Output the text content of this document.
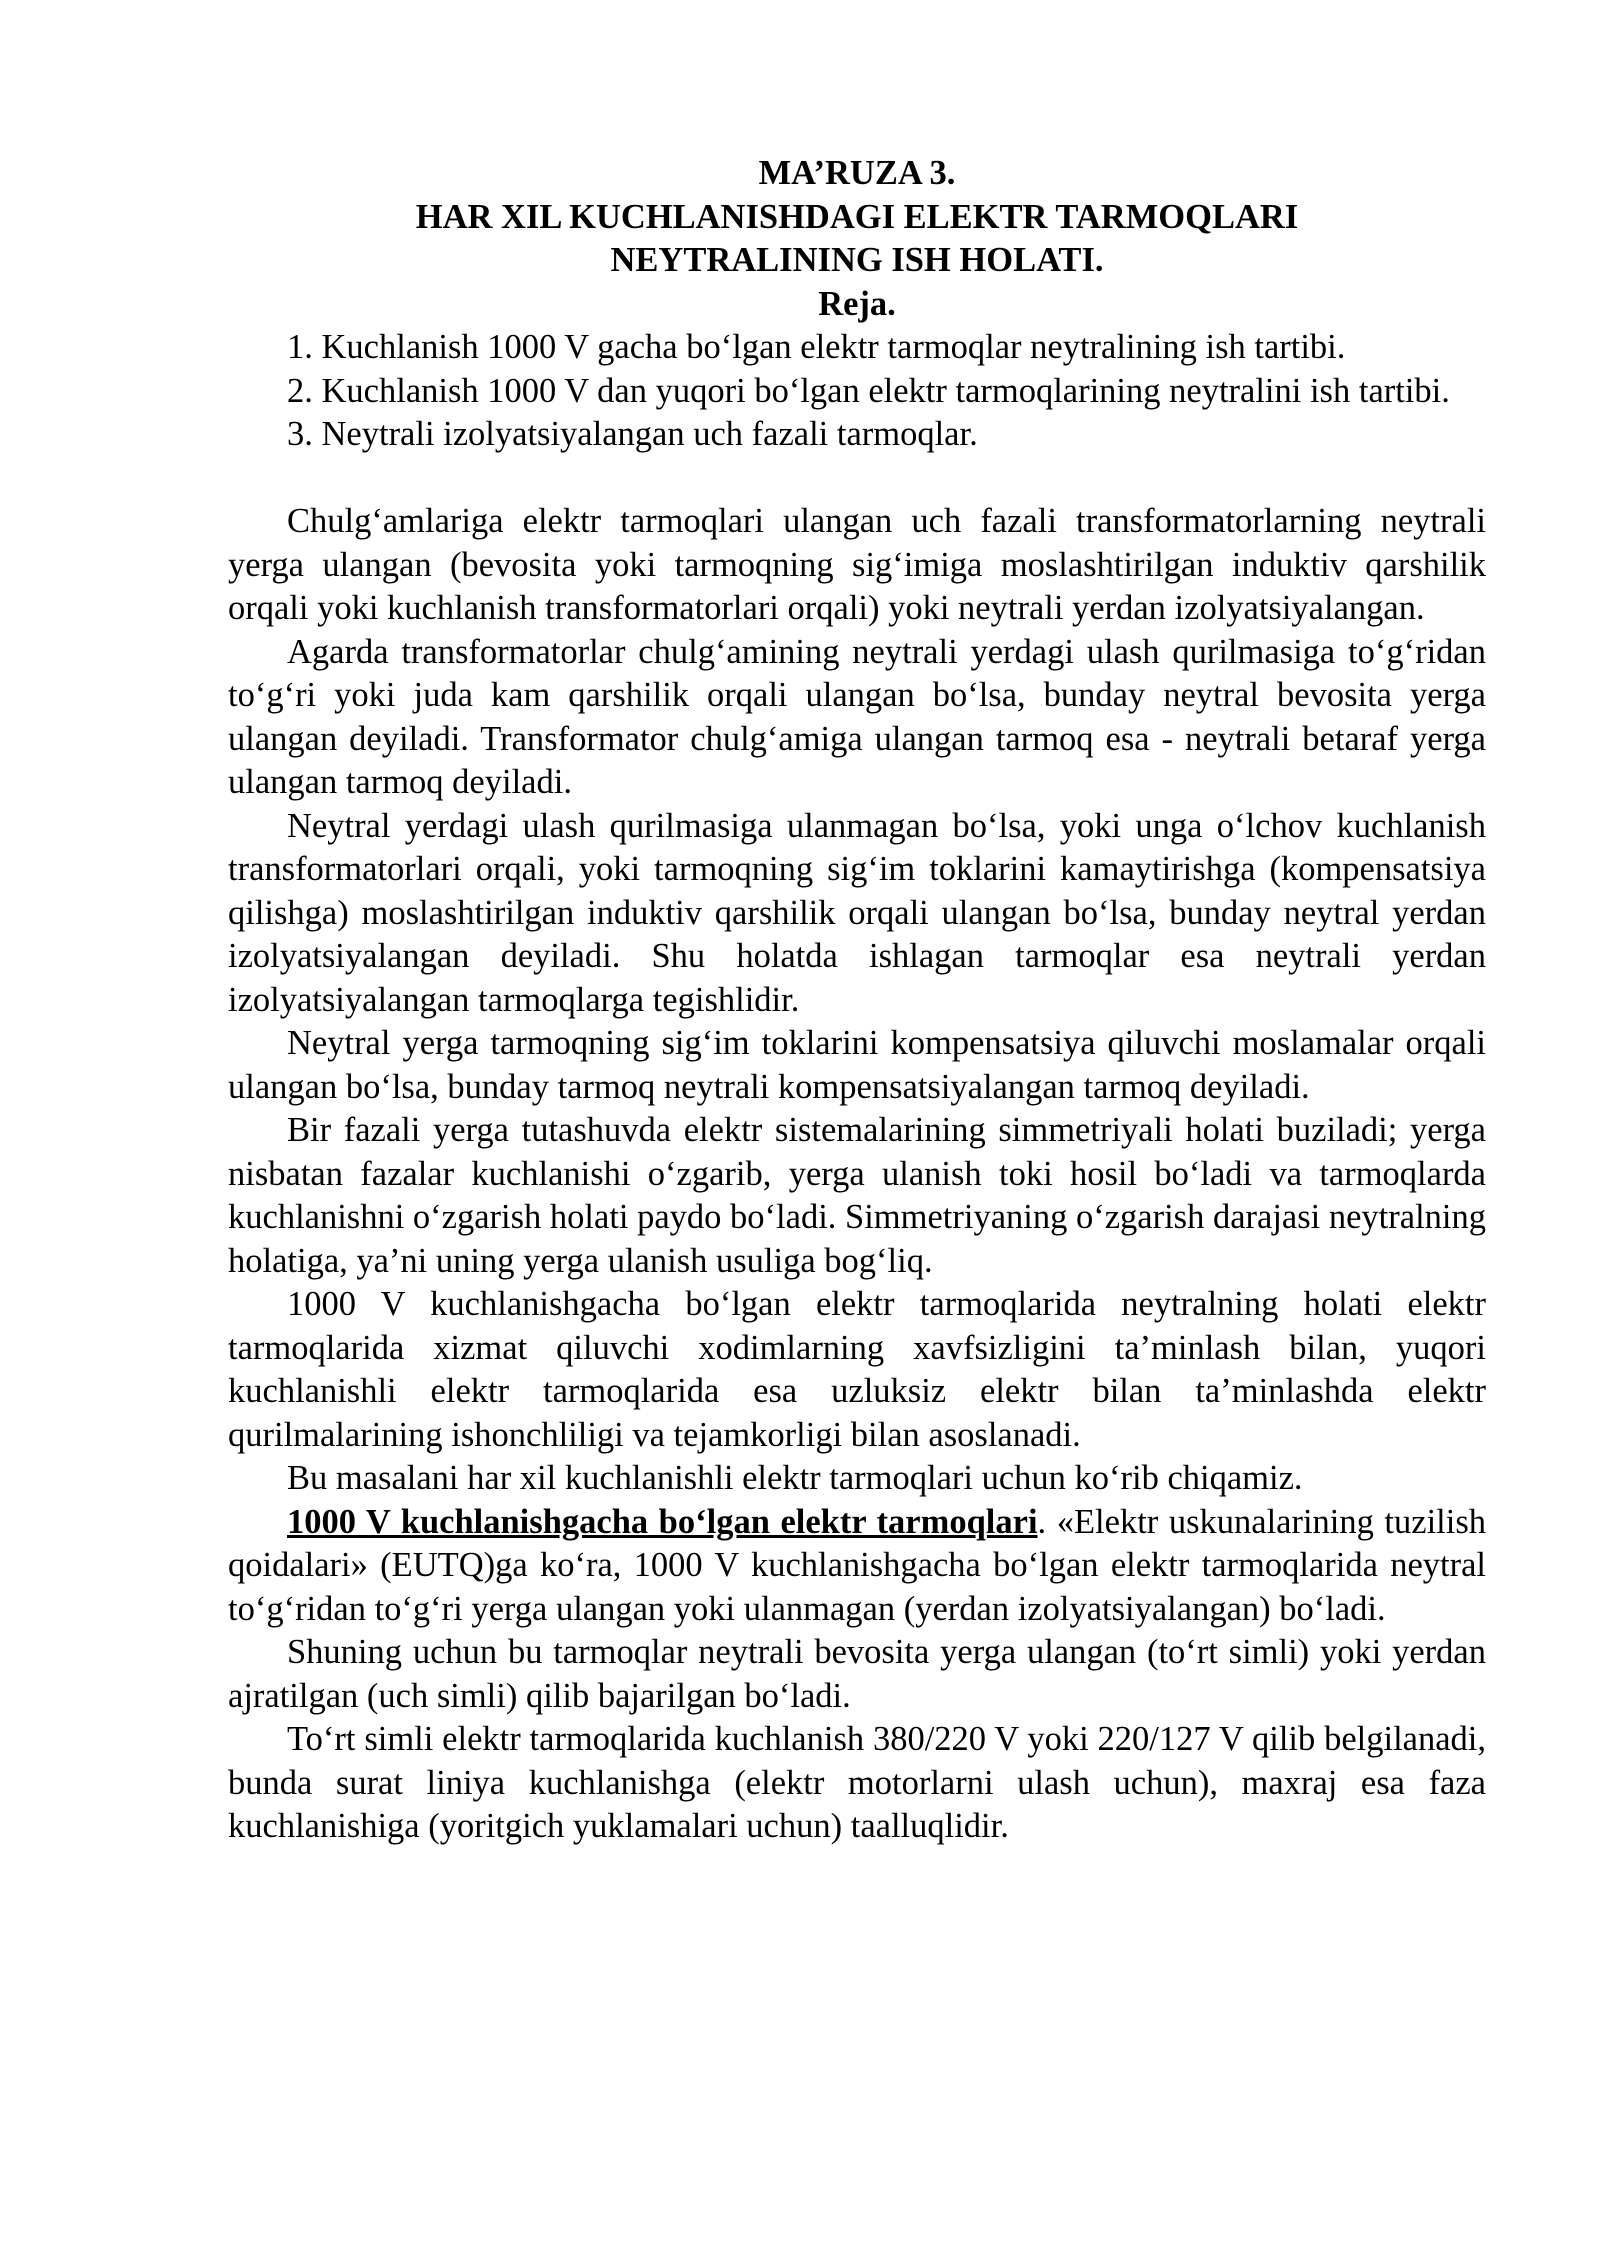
MA’RUZA 3.

HAR XIL KUCHLANISHDAGI ELEKTR TARMOQLARI

NEYTRALINING ISH HOLATI.

Reja.

1. Kuchlanish 1000 V gacha bo‘lgan elektr tarmoqlar neytralining ish tartibi.

2. Kuchlanish 1000 V dan yuqori bo‘lgan elektr tarmoqlarining neytralini ish tartibi.

3. Neytrali izolyatsiyalangan uch fazali tarmoqlar.

Chulg‘amlariga elektr tarmoqlari ulangan uch fazali transformatorlarning neytrali yerga ulangan (bevosita yoki tarmoqning sig‘imiga moslashtirilgan induktiv qarshilik orqali yoki kuchlanish transformatorlari orqali) yoki neytrali yerdan izolyatsiyalangan.

Agarda transformatorlar chulg‘amining neytrali yerdagi ulash qurilmasiga to‘g‘ridan to‘g‘ri yoki juda kam qarshilik orqali ulangan bo‘lsa, bunday neytral bevosita yerga ulangan deyiladi. Transformator chulg‘amiga ulangan tarmoq esa - neytrali betaraf yerga ulangan tarmoq deyiladi.

Neytral yerdagi ulash qurilmasiga ulanmagan bo‘lsa, yoki unga o‘lchov kuchlanish transformatorlari orqali, yoki tarmoqning sig‘im toklarini kamaytirishga (kompensatsiya qilishga) moslashtirilgan induktiv qarshilik orqali ulangan bo‘lsa, bunday neytral yerdan izolyatsiyalangan deyiladi. Shu holatda ishlagan tarmoqlar esa neytrali yerdan izolyatsiyalangan tarmoqlarga tegishlidir.

Neytral yerga tarmoqning sig‘im toklarini kompensatsiya qiluvchi moslamalar orqali ulangan bo‘lsa, bunday tarmoq neytrali kompensatsiyalangan tarmoq deyiladi.

Bir fazali yerga tutashuvda elektr sistemalarining simmetriyali holati buziladi; yerga nisbatan fazalar kuchlanishi o‘zgarib, yerga ulanish toki hosil bo‘ladi va tarmoqlarda kuchlanishni o‘zgarish holati paydo bo‘ladi. Simmetriyaning o‘zgarish darajasi neytralning holatiga, ya’ni uning yerga ulanish usuliga bog‘liq.

1000 V kuchlanishgacha bo‘lgan elektr tarmoqlarida neytralning holati elektr tarmoqlarida xizmat qiluvchi xodimlarning xavfsizligini ta’minlash bilan, yuqori kuchlanishli elektr tarmoqlarida esa uzluksiz elektr bilan ta’minlashda elektr qurilmalarining ishonchliligi va tejamkorligi bilan asoslanadi.

Bu masalani har xil kuchlanishli elektr tarmoqlari uchun ko‘rib chiqamiz.

1000 V kuchlanishgacha bo‘lgan elektr tarmoqlari. «Elektr uskunalarining tuzilish qoidalari» (EUTQ)ga ko‘ra, 1000 V kuchlanishgacha bo‘lgan elektr tarmoqlarida neytral to‘g‘ridan to‘g‘ri yerga ulangan yoki ulanmagan (yerdan izolyatsiyalangan) bo‘ladi.

Shuning uchun bu tarmoqlar neytrali bevosita yerga ulangan (to‘rt simli) yoki yerdan ajratilgan (uch simli) qilib bajarilgan bo‘ladi.

To‘rt simli elektr tarmoqlarida kuchlanish 380/220 V yoki 220/127 V qilib belgilanadi, bunda surat liniya kuchlanishga (elektr motorlarni ulash uchun), maxraj esa faza kuchlanishiga (yoritgich yuklamalari uchun) taalluqlidir.
